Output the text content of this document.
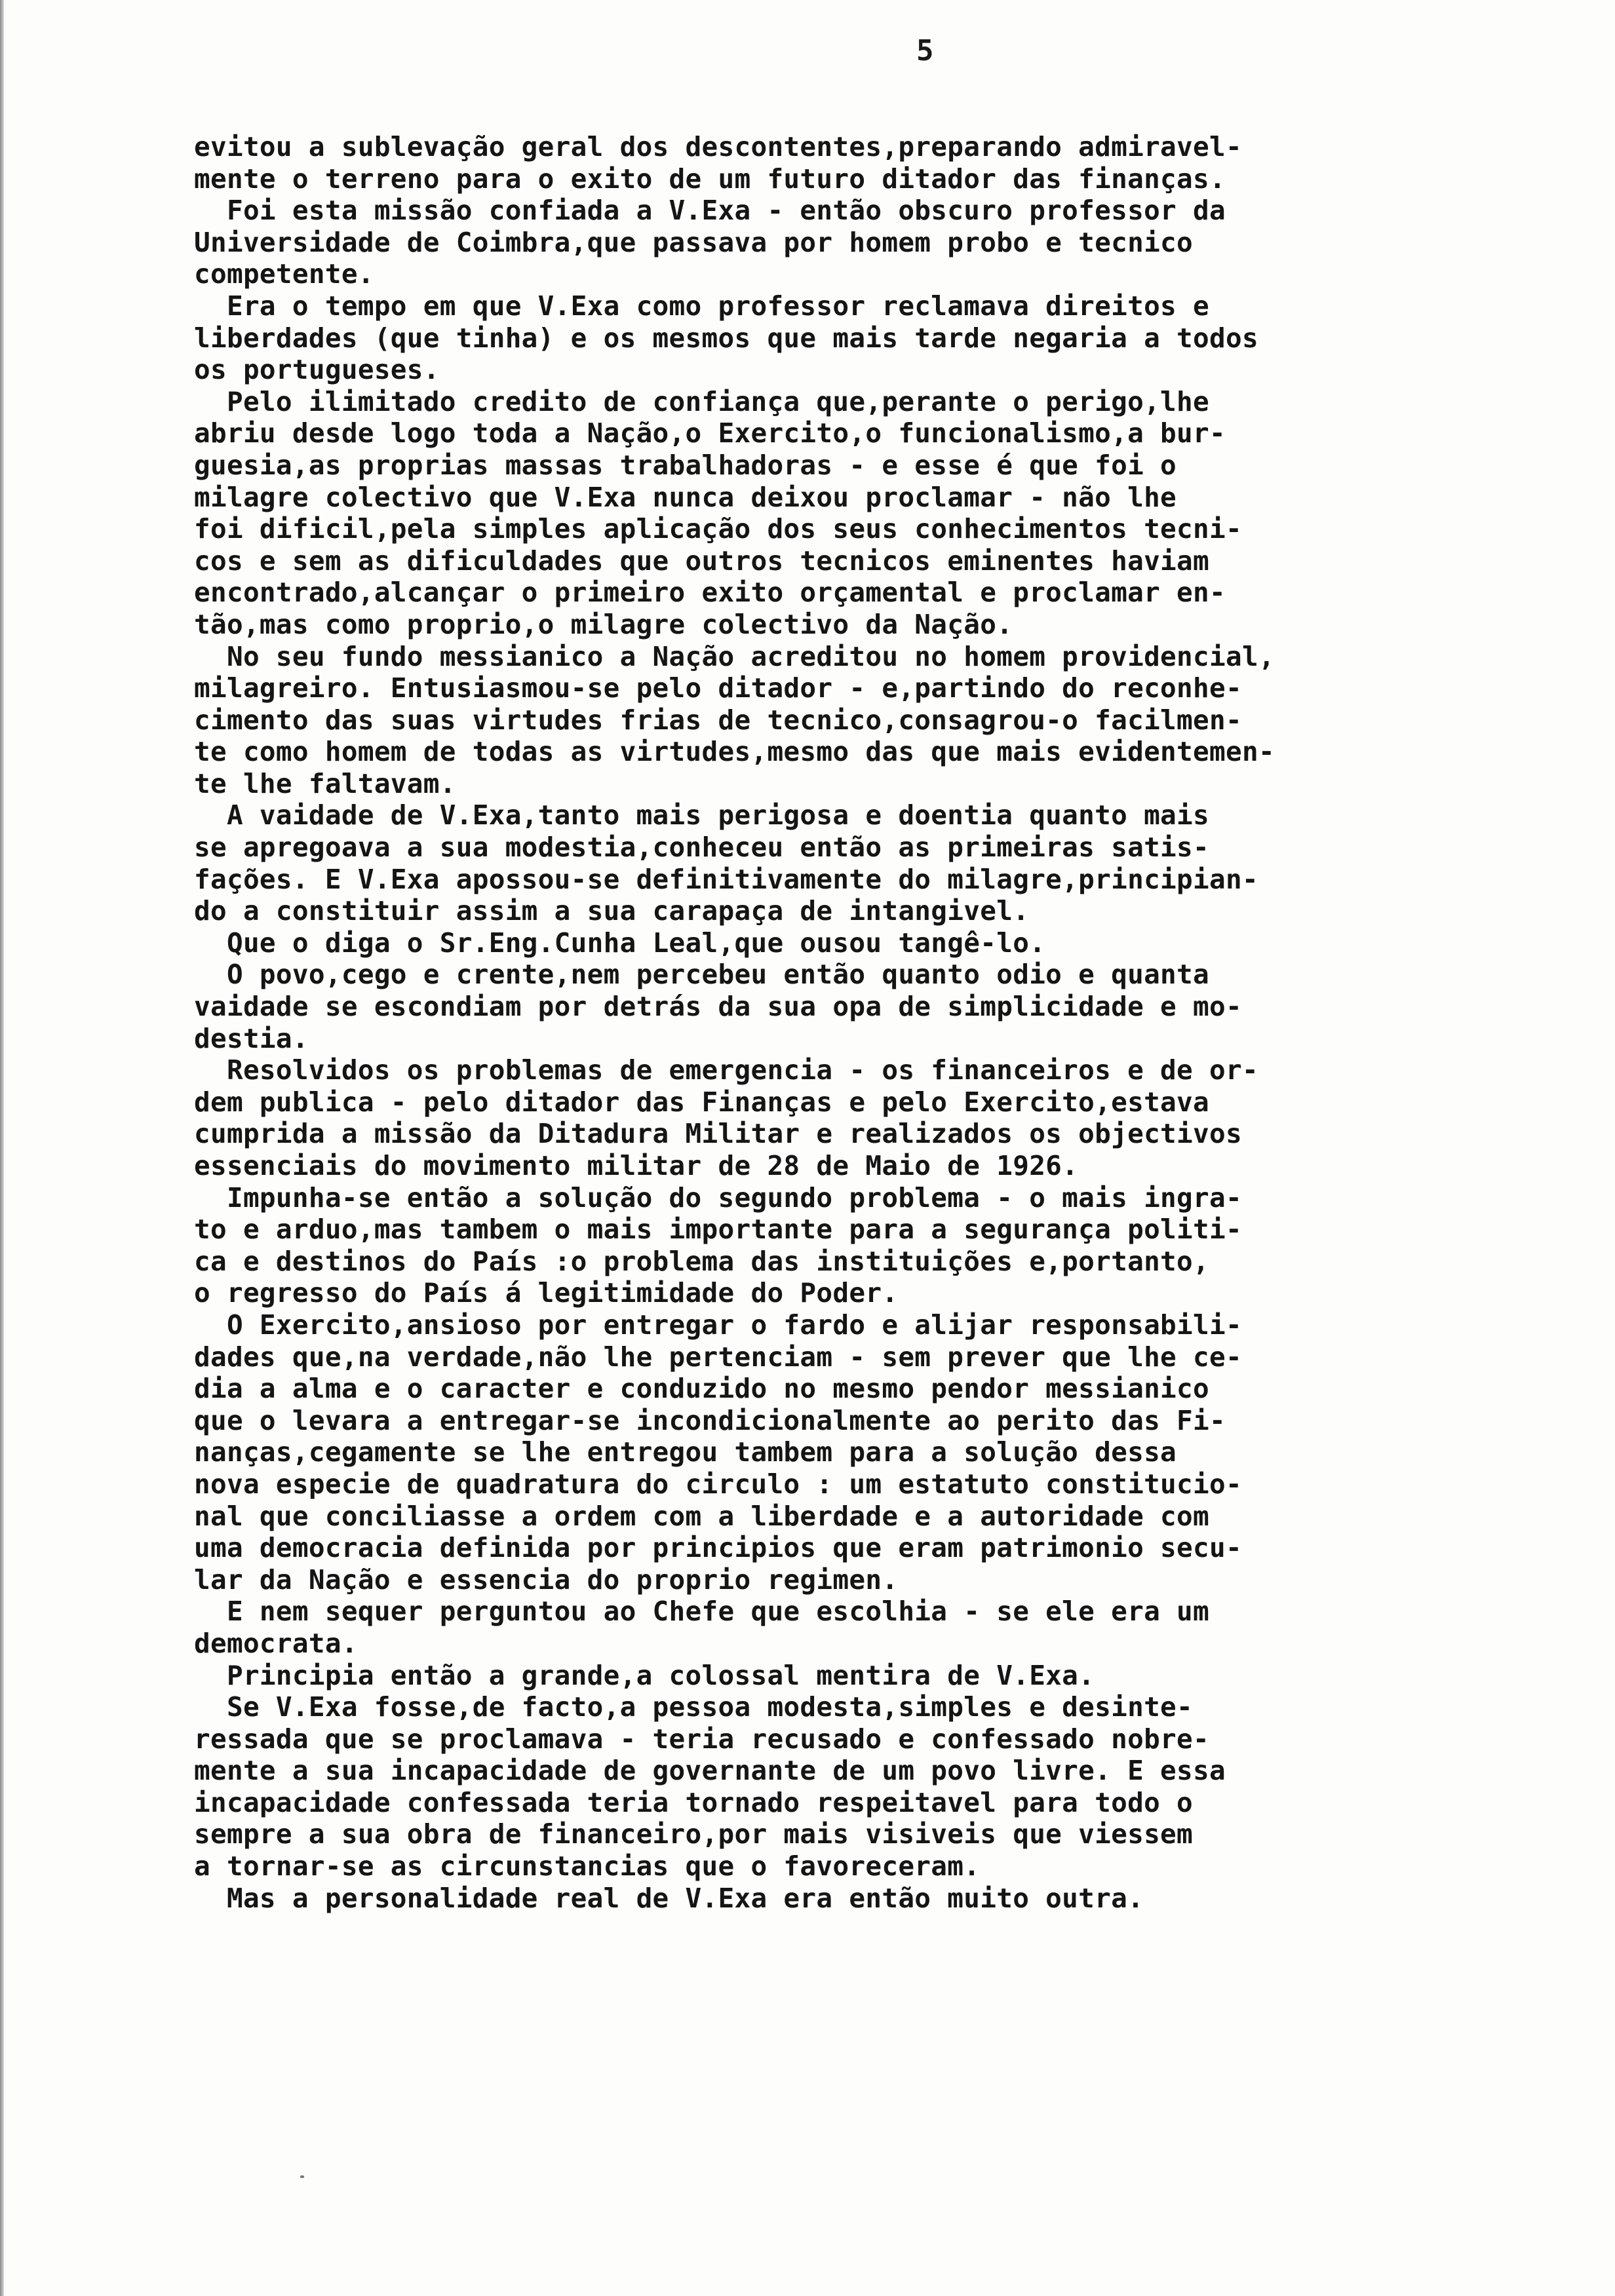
5
evitou a sublevação geral dos descontentes,preparando admiravel-
mente o terreno para o exito de um futuro ditador das finanças.
Foi esta missão confiada a V.Exa - então obscuro professor da
Universidade de Coimbra,que passava por homem probo e tecnico
competente.
Era o tempo em que V.Exa como professor reclamava direitos e
liberdades (que tinha) e os mesmos que mais tarde negaria a todos
os portugueses.
Pelo ilimitado credito de confiança que,perante o perigo,lhe
abriu desde logo toda a Nação,o Exercito,o funcionalismo,a bur-
guesia,as proprias massas trabalhadoras - e esse é que foi o
milagre colectivo que V.Exa nunca deixou proclamar - não lhe
foi dificil,pela simples aplicação dos seus conhecimentos tecni-
cos e sem as dificuldades que outros tecnicos eminentes haviam
encontrado,alcançar o primeiro exito orçamental e proclamar en-
tão,mas como proprio,o milagre colectivo da Nação.
No seu fundo messianico a Nação acreditou no homem providencial,
milagreiro. Entusiasmou-se pelo ditador - e,partindo do reconhe-
cimento das suas virtudes frias de tecnico,consagrou-o facilmen-
te como homem de todas as virtudes,mesmo das que mais evidentemen-
te lhe faltavam.
A vaidade de V.Exa,tanto mais perigosa e doentia quanto mais
se apregoava a sua modestia,conheceu então as primeiras satis-
fações. E V.Exa apossou-se definitivamente do milagre,principian-
do a constituir assim a sua carapaça de intangivel.
Que o diga o Sr.Eng.Cunha Leal,que ousou tangê-lo.
O povo,cego e crente,nem percebeu então quanto odio e quanta
vaidade se escondiam por detrás da sua opa de simplicidade e mo-
destia.
Resolvidos os problemas de emergencia - os financeiros e de or-
dem publica - pelo ditador das Finanças e pelo Exercito,estava
cumprida a missão da Ditadura Militar e realizados os objectivos
essenciais do movimento militar de 28 de Maio de 1926.
Impunha-se então a solução do segundo problema - o mais ingra-
to e arduo,mas tambem o mais importante para a segurança politi-
ca e destinos do País :o problema das instituições e,portanto,
o regresso do País á legitimidade do Poder.
O Exercito,ansioso por entregar o fardo e alijar responsabili-
dades que,na verdade,não lhe pertenciam - sem prever que lhe ce-
dia a alma e o caracter e conduzido no mesmo pendor messianico
que o levara a entregar-se incondicionalmente ao perito das Fi-
nanças,cegamente se lhe entregou tambem para a solução dessa
nova especie de quadratura do circulo : um estatuto constitucio-
nal que conciliasse a ordem com a liberdade e a autoridade com
uma democracia definida por principios que eram patrimonio secu-
lar da Nação e essencia do proprio regimen.
E nem sequer perguntou ao Chefe que escolhia - se ele era um
democrata.
Principia então a grande,a colossal mentira de V.Exa.
Se V.Exa fosse,de facto,a pessoa modesta,simples e desinte-
ressada que se proclamava - teria recusado e confessado nobre-
mente a sua incapacidade de governante de um povo livre. E essa
incapacidade confessada teria tornado respeitavel para todo o
sempre a sua obra de financeiro,por mais visiveis que viessem
a tornar-se as circunstancias que o favoreceram.
Mas a personalidade real de V.Exa era então muito outra.
